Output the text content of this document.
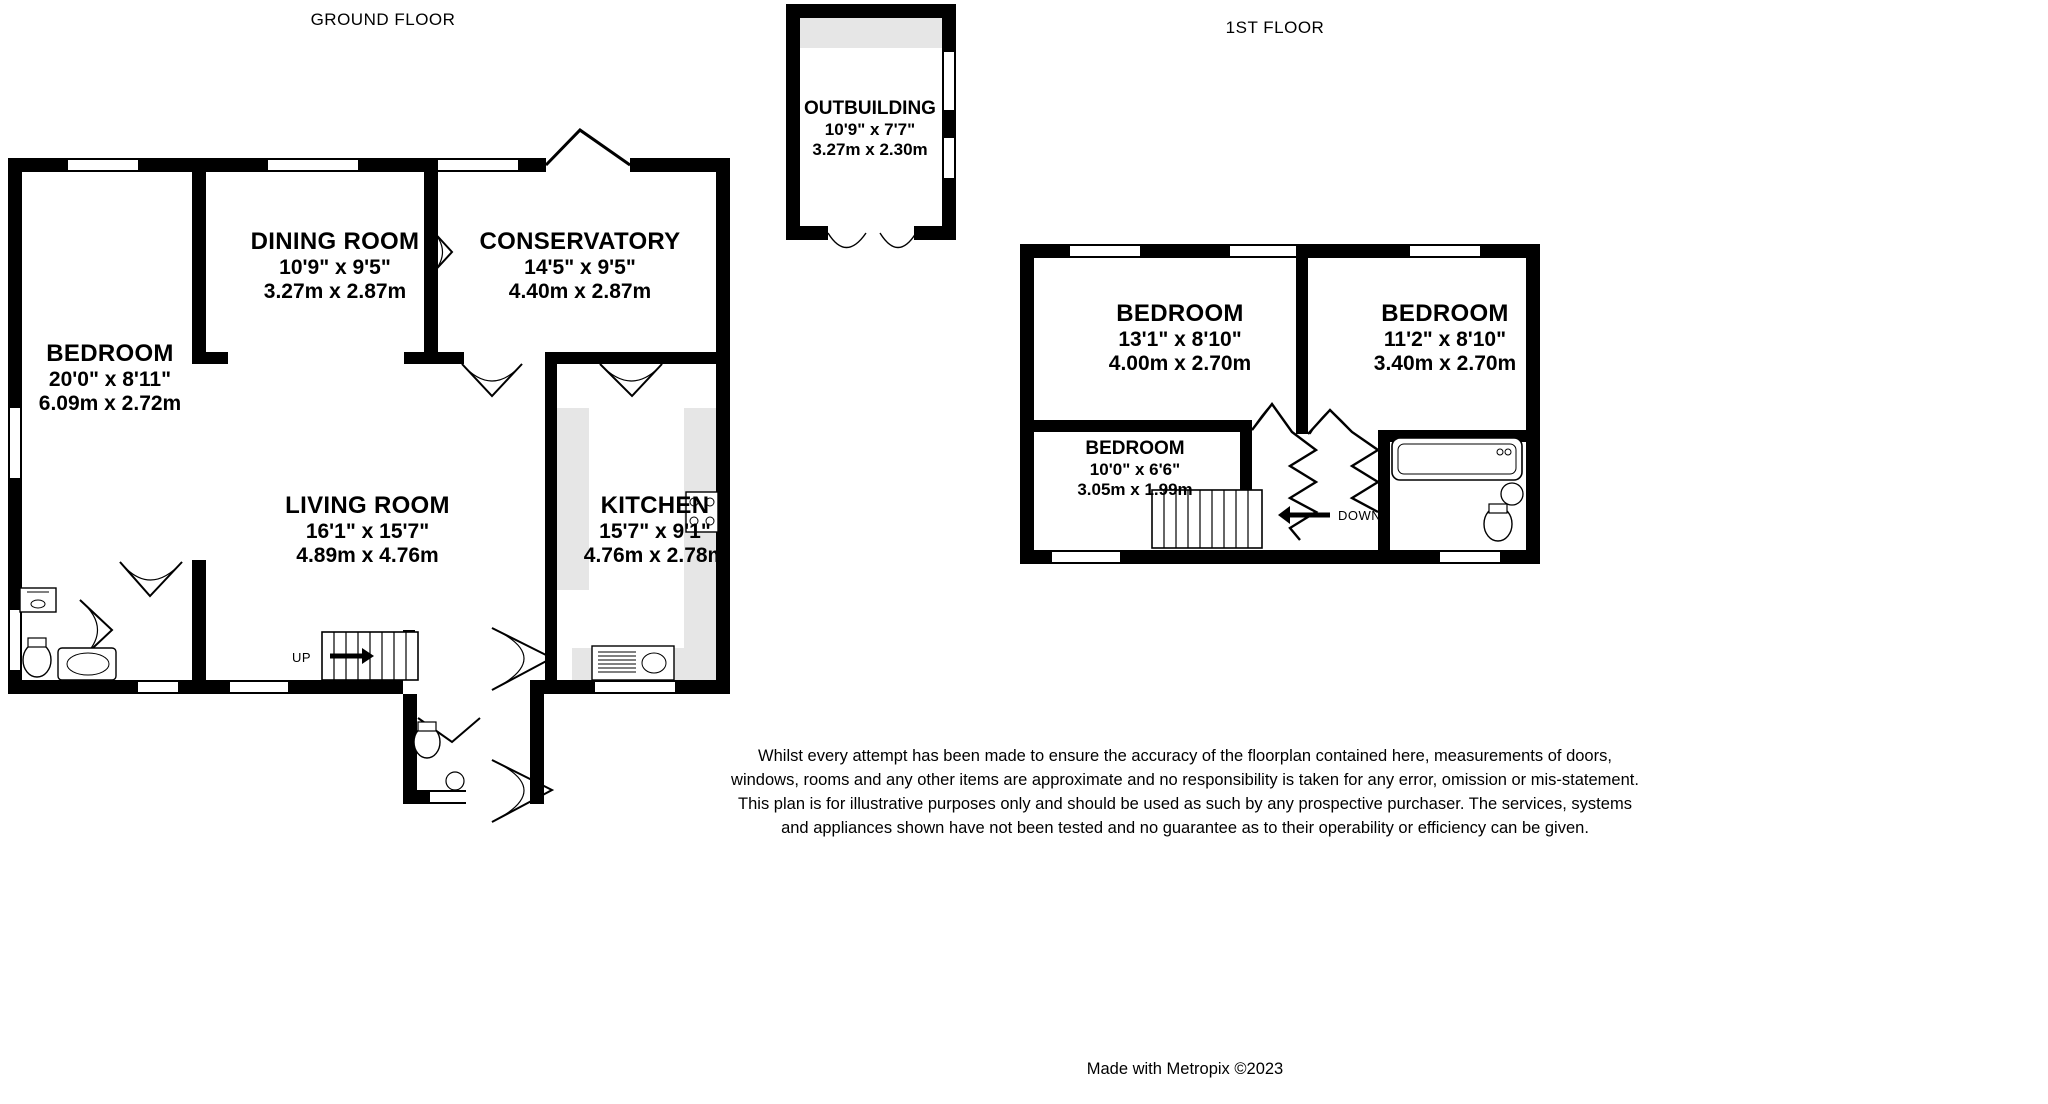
GROUND FLOOR
UP
DINING ROOM
10'9" x 9'5"
3.27m x 2.87m
CONSERVATORY
14'5" x 9'5"
4.40m x 2.87m
BEDROOM
20'0" x 8'11"
6.09m x 2.72m
LIVING ROOM
16'1" x 15'7"
4.89m x 4.76m
KITCHEN
15'7" x 9'1"
4.76m x 2.78m
OUTBUILDING
10'9" x 7'7"
3.27m x 2.30m
1ST FLOOR
DOWN
BEDROOM
13'1" x 8'10"
4.00m x 2.70m
BEDROOM
11'2" x 8'10"
3.40m x 2.70m
BEDROOM
10'0" x 6'6"
3.05m x 1.99m
Whilst every attempt has been made to ensure the accuracy of the floorplan contained here, measurements of doors, windows, rooms and any other items are approximate and no responsibility is taken for any error, omission or mis-statement. This plan is for illustrative purposes only and should be used as such by any prospective purchaser. The services, systems and appliances shown have not been tested and no guarantee as to their operability or efficiency can be given.
Made with Metropix ©2023
